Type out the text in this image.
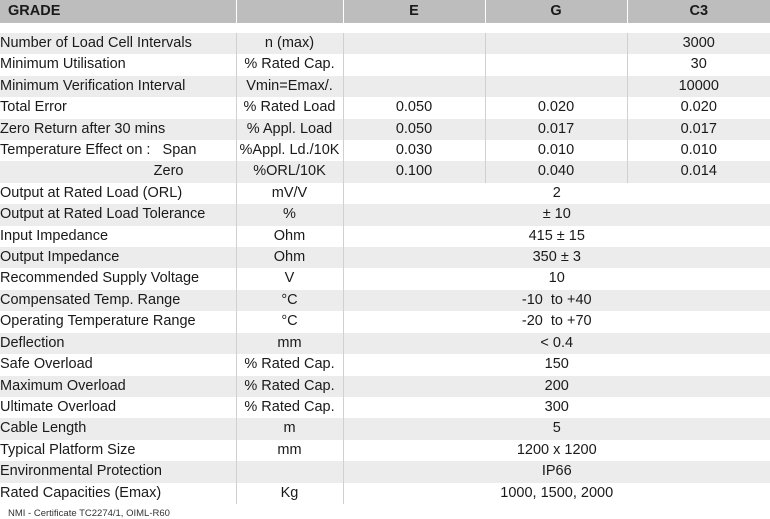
GRADE		E	G	C3

Number of Load Cell Intervals	n (max)			3000
Minimum Utilisation	% Rated Cap.			30
Minimum Verification Interval	Vmin=Emax/.			10000
Total Error	% Rated Load	0.050	0.020	0.020
Zero Return after 30 mins	% Appl. Load	0.050	0.017	0.017
Temperature Effect on :   Span	%Appl. Ld./10K	0.030	0.010	0.010
Zero	%ORL/10K	0.100	0.040	0.014
Output at Rated Load (ORL)	mV/V	2		
Output at Rated Load Tolerance	%	± 10		
Input Impedance	Ohm	415 ± 15		
Output Impedance	Ohm	350 ± 3		
Recommended Supply Voltage	V	10		
Compensated Temp. Range	°C	-10  to +40		
Operating Temperature Range	°C	-20  to +70		
Deflection	mm	< 0.4		
Safe Overload	% Rated Cap.	150		
Maximum Overload	% Rated Cap.	200		
Ultimate Overload	% Rated Cap.	300		
Cable Length	m	5		
Typical Platform Size	mm	1200 x 1200		
Environmental Protection		IP66		
Rated Capacities (Emax)	Kg	1000, 1500, 2000		
NMI - Certificate TC2274/1, OIML-R60
